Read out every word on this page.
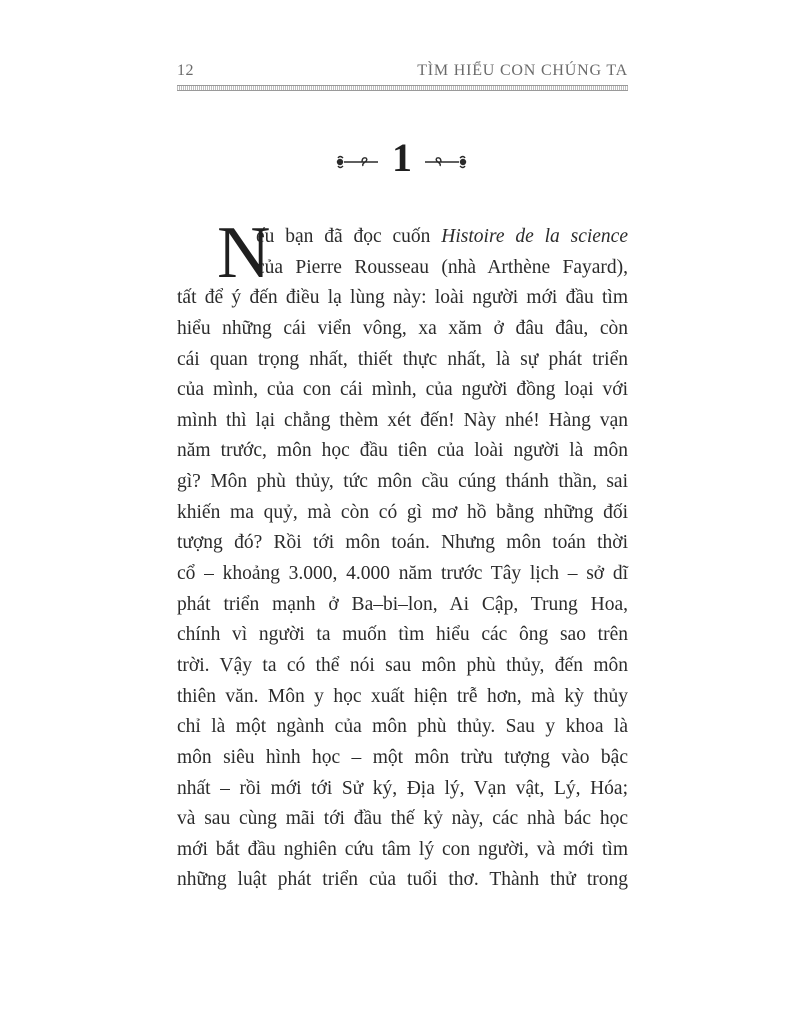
12	TÌM HIỂU CON CHÚNG TA
1
N
ếu bạn đã đọc cuốn Histoire de la science
của Pierre Rousseau (nhà Arthène Fayard),
tất để ý đến điều lạ lùng này: loài người mới đầu tìm
hiểu những cái viển vông, xa xăm ở đâu đâu, còn
cái quan trọng nhất, thiết thực nhất, là sự phát triển
của mình, của con cái mình, của người đồng loại với
mình thì lại chẳng thèm xét đến! Này nhé! Hàng vạn
năm trước, môn học đầu tiên của loài người là môn
gì? Môn phù thủy, tức môn cầu cúng thánh thần, sai
khiến ma quỷ, mà còn có gì mơ hồ bằng những đối
tượng đó? Rồi tới môn toán. Nhưng môn toán thời
cổ – khoảng 3.000, 4.000 năm trước Tây lịch – sở dĩ
phát triển mạnh ở Ba–bi–lon, Ai Cập, Trung Hoa,
chính vì người ta muốn tìm hiểu các ông sao trên
trời. Vậy ta có thể nói sau môn phù thủy, đến môn
thiên văn. Môn y học xuất hiện trễ hơn, mà kỳ thủy
chỉ là một ngành của môn phù thủy. Sau y khoa là
môn siêu hình học – một môn trừu tượng vào bậc
nhất – rồi mới tới Sử ký, Địa lý, Vạn vật, Lý, Hóa;
và sau cùng mãi tới đầu thế kỷ này, các nhà bác học
mới bắt đầu nghiên cứu tâm lý con người, và mới tìm
những luật phát triển của tuổi thơ. Thành thử trong
